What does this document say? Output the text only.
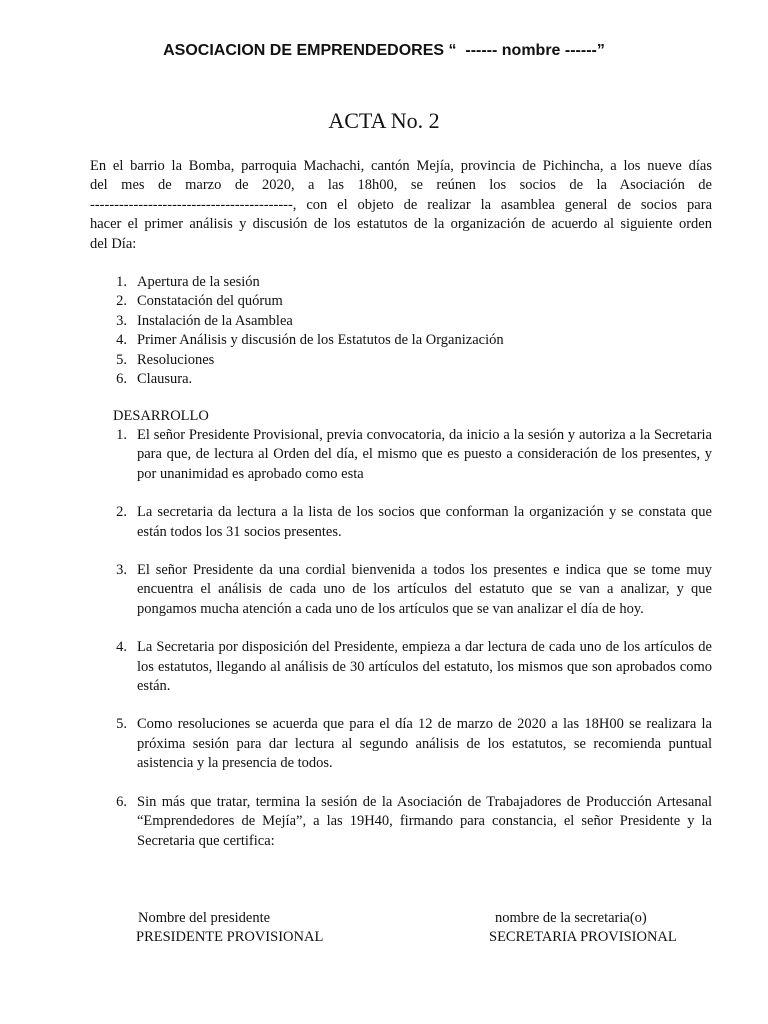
ASOCIACION DE EMPRENDEDORES “  ------ nombre ------”
ACTA No. 2
En el barrio la Bomba, parroquia Machachi, cantón Mejía, provincia de Pichincha, a los nueve días
del mes de marzo de 2020, a las 18h00, se reúnen los socios de la Asociación de
------------------------------------------, con el objeto de realizar la asamblea general de socios para
hacer el primer análisis y discusión de los estatutos de la organización de acuerdo al siguiente orden
del Día:
1. Apertura de la sesión
2. Constatación del quórum
3. Instalación de la Asamblea
4. Primer Análisis y discusión de los Estatutos de la Organización
5. Resoluciones
6. Clausura.
DESARROLLO
1. El señor Presidente Provisional, previa convocatoria, da inicio a la sesión y autoriza a la Secretaria para que, de lectura al Orden del día, el mismo que es puesto a consideración de los presentes, y por unanimidad es aprobado como esta
2. La secretaria da lectura a la lista de los socios que conforman la organización y se constata que están todos los 31 socios presentes.
3. El señor Presidente da una cordial bienvenida a todos los presentes e indica que se tome muy encuentra el análisis de cada uno de los artículos del estatuto que se van a analizar, y que pongamos mucha atención a cada uno de los artículos que se van analizar el día de hoy.
4. La Secretaria por disposición del Presidente, empieza a dar lectura de cada uno de los artículos de los estatutos, llegando al análisis de 30 artículos del estatuto, los mismos que son aprobados como están.
5. Como resoluciones se acuerda que para el día 12 de marzo de 2020 a las 18H00 se realizara la próxima sesión para dar lectura al segundo análisis de los estatutos, se recomienda puntual asistencia y la presencia de todos.
6. Sin más que tratar, termina la sesión de la Asociación de Trabajadores de Producción Artesanal “Emprendedores de Mejía”, a las 19H40, firmando para constancia, el señor Presidente y la Secretaria que certifica:
Nombre del presidente
PRESIDENTE PROVISIONAL
nombre de la secretaria(o)
SECRETARIA PROVISIONAL
